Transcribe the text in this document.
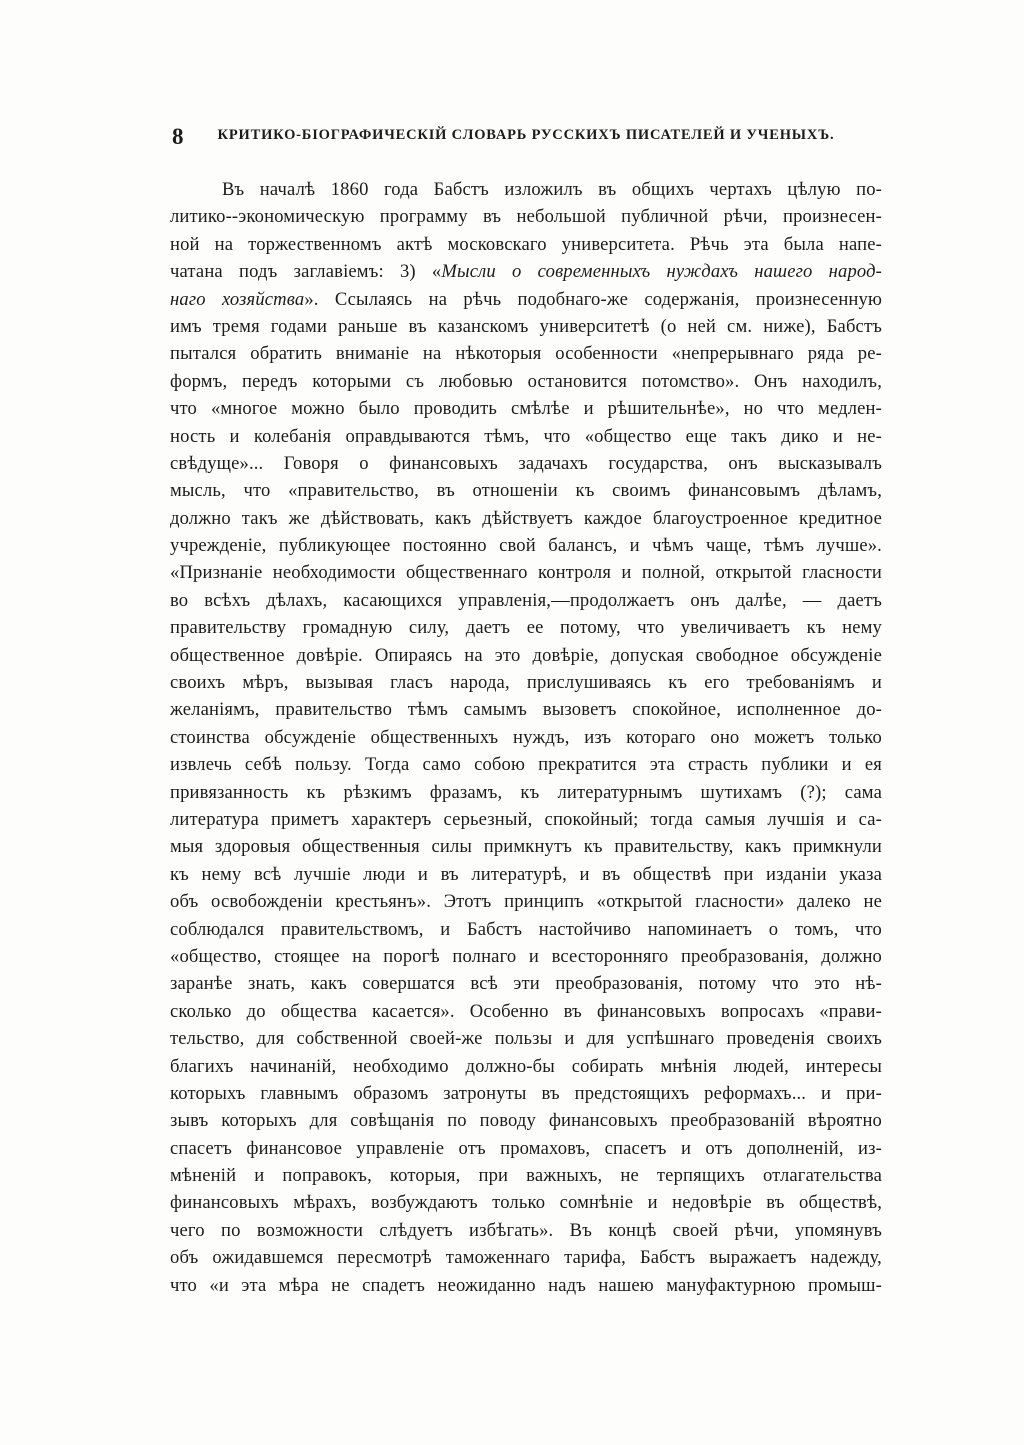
8	КРИТИКО-БІОГРАФИЧЕСКІЙ СЛОВАРЬ РУССКИХЪ ПИСАТЕЛЕЙ И УЧЕНЫХЪ.
Въ началѣ 1860 года Бабстъ изложилъ въ общихъ чертахъ цѣлую по-
литико--экономическую программу въ небольшой публичной рѣчи, произнесен-
ной на торжественномъ актѣ московскаго университета. Рѣчь эта была напе-
чатана подъ заглавіемъ: 3) «Мысли о современныхъ нуждахъ нашего народ-
наго хозяйства». Ссылаясь на рѣчь подобнаго-же содержанія, произнесенную
имъ тремя годами раньше въ казанскомъ университетѣ (о ней см. ниже), Бабстъ
пытался обратить вниманіе на нѣкоторыя особенности «непрерывнаго ряда ре-
формъ, передъ которыми съ любовью остановится потомство». Онъ находилъ,
что «многое можно было проводить смѣлѣе и рѣшительнѣе», но что медлен-
ность и колебанія оправдываются тѣмъ, что «общество еще такъ дико и не-
свѣдуще»... Говоря о финансовыхъ задачахъ государства, онъ высказывалъ
мысль, что «правительство, въ отношеніи къ своимъ финансовымъ дѣламъ,
должно такъ же дѣйствовать, какъ дѣйствуетъ каждое благоустроенное кредитное
учрежденіе, публикующее постоянно свой балансъ, и чѣмъ чаще, тѣмъ лучше».
«Признаніе необходимости общественнаго контроля и полной, открытой гласности
во всѣхъ дѣлахъ, касающихся управленія,—продолжаетъ онъ далѣе, — даетъ
правительству громадную силу, даетъ ее потому, что увеличиваетъ къ нему
общественное довѣріе. Опираясь на это довѣріе, допуская свободное обсужденіе
своихъ мѣръ, вызывая гласъ народа, прислушиваясь къ его требованіямъ и
желаніямъ, правительство тѣмъ самымъ вызоветъ спокойное, исполненное до-
стоинства обсужденіе общественныхъ нуждъ, изъ котораго оно можетъ только
извлечь себѣ пользу. Тогда само собою прекратится эта страсть публики и ея
привязанность къ рѣзкимъ фразамъ, къ литературнымъ шутихамъ (?); сама
литература приметъ характеръ серьезный, спокойный; тогда самыя лучшія и са-
мыя здоровыя общественныя силы примкнутъ къ правительству, какъ примкнули
къ нему всѣ лучшіе люди и въ литературѣ, и въ обществѣ при изданіи указа
объ освобожденіи крестьянъ». Этотъ принципъ «открытой гласности» далеко не
соблюдался правительствомъ, и Бабстъ настойчиво напоминаетъ о томъ, что
«общество, стоящее на порогѣ полнаго и всесторонняго преобразованія, должно
заранѣе знать, какъ совершатся всѣ эти преобразованія, потому что это нѣ-
сколько до общества касается». Особенно въ финансовыхъ вопросахъ «прави-
тельство, для собственной своей-же пользы и для успѣшнаго проведенія своихъ
благихъ начинаній, необходимо должно-бы собирать мнѣнія людей, интересы
которыхъ главнымъ образомъ затронуты въ предстоящихъ реформахъ... и при-
зывъ которыхъ для совѣщанія по поводу финансовыхъ преобразованій вѣроятно
спасетъ финансовое управленіе отъ промаховъ, спасетъ и отъ дополненій, из-
мѣненій и поправокъ, которыя, при важныхъ, не терпящихъ отлагательства
финансовыхъ мѣрахъ, возбуждаютъ только сомнѣніе и недовѣріе въ обществѣ,
чего по возможности слѣдуетъ избѣгать». Въ концѣ своей рѣчи, упомянувъ
объ ожидавшемся пересмотрѣ таможеннаго тарифа, Бабстъ выражаетъ надежду,
что «и эта мѣра не спадетъ неожиданно надъ нашею мануфактурною промыш-
